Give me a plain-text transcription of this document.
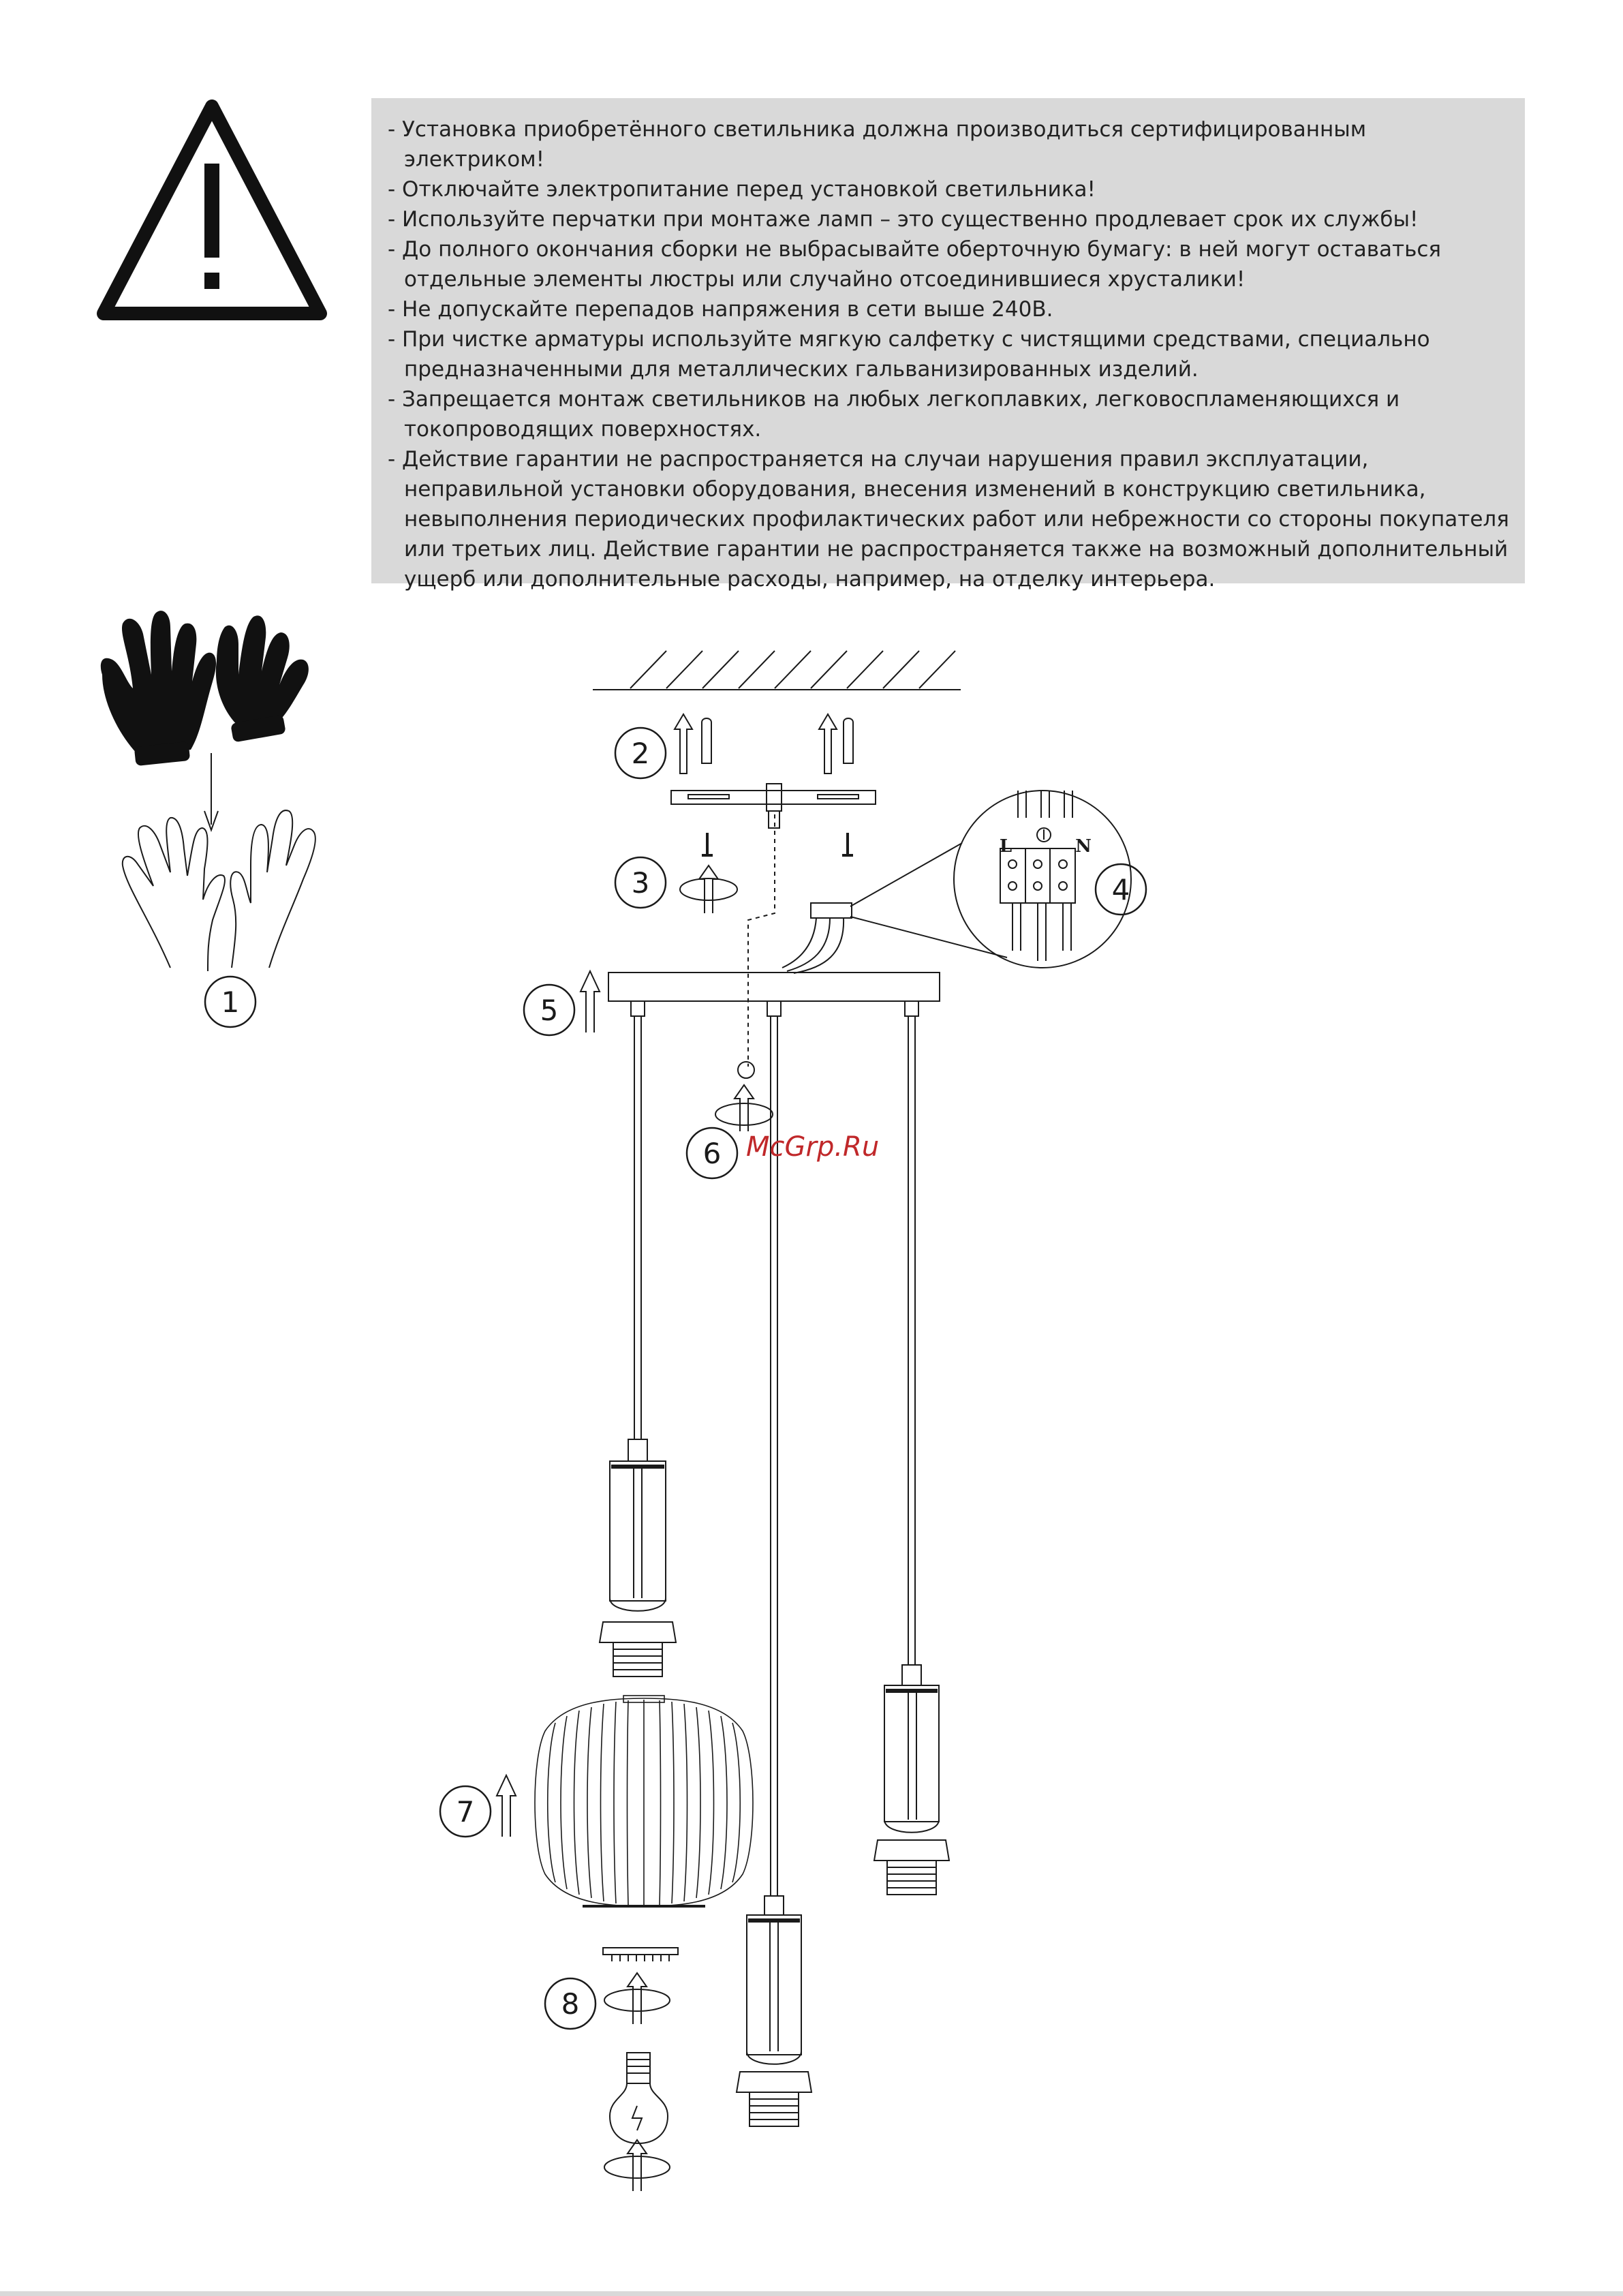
- Установка приобретённого светильника должна производиться сертифицированным электриком!
- Отключайте электропитание перед установкой светильника!
- Используйте перчатки при монтаже ламп – это существенно продлевает срок их службы!
- До полного окончания сборки не выбрасывайте оберточную бумагу: в ней могут оставаться отдельные элементы люстры или случайно отсоединившиеся хрусталики!
- Не допускайте перепадов напряжения в сети выше 240В.
- При чистке арматуры используйте мягкую салфетку с чистящими средствами, специально предназначенными для металлических гальванизированных изделий.
- Запрещается монтаж светильников на любых легкоплавких, легковоспламеняющихся и токопроводящих поверхностях.
- Действие гарантии не распространяется на случаи нарушения правил эксплуатации, неправильной установки оборудования, внесения изменений в конструкцию светильника, невыполнения периодических профилактических работ или небрежности со стороны покупателя или третьих лиц. Действие гарантии не распространяется также на возможный дополнительный ущерб или дополнительные расходы, например, на отделку интерьера.
1
2
3
L	N
4
5
6
7
8
McGrp.Ru
